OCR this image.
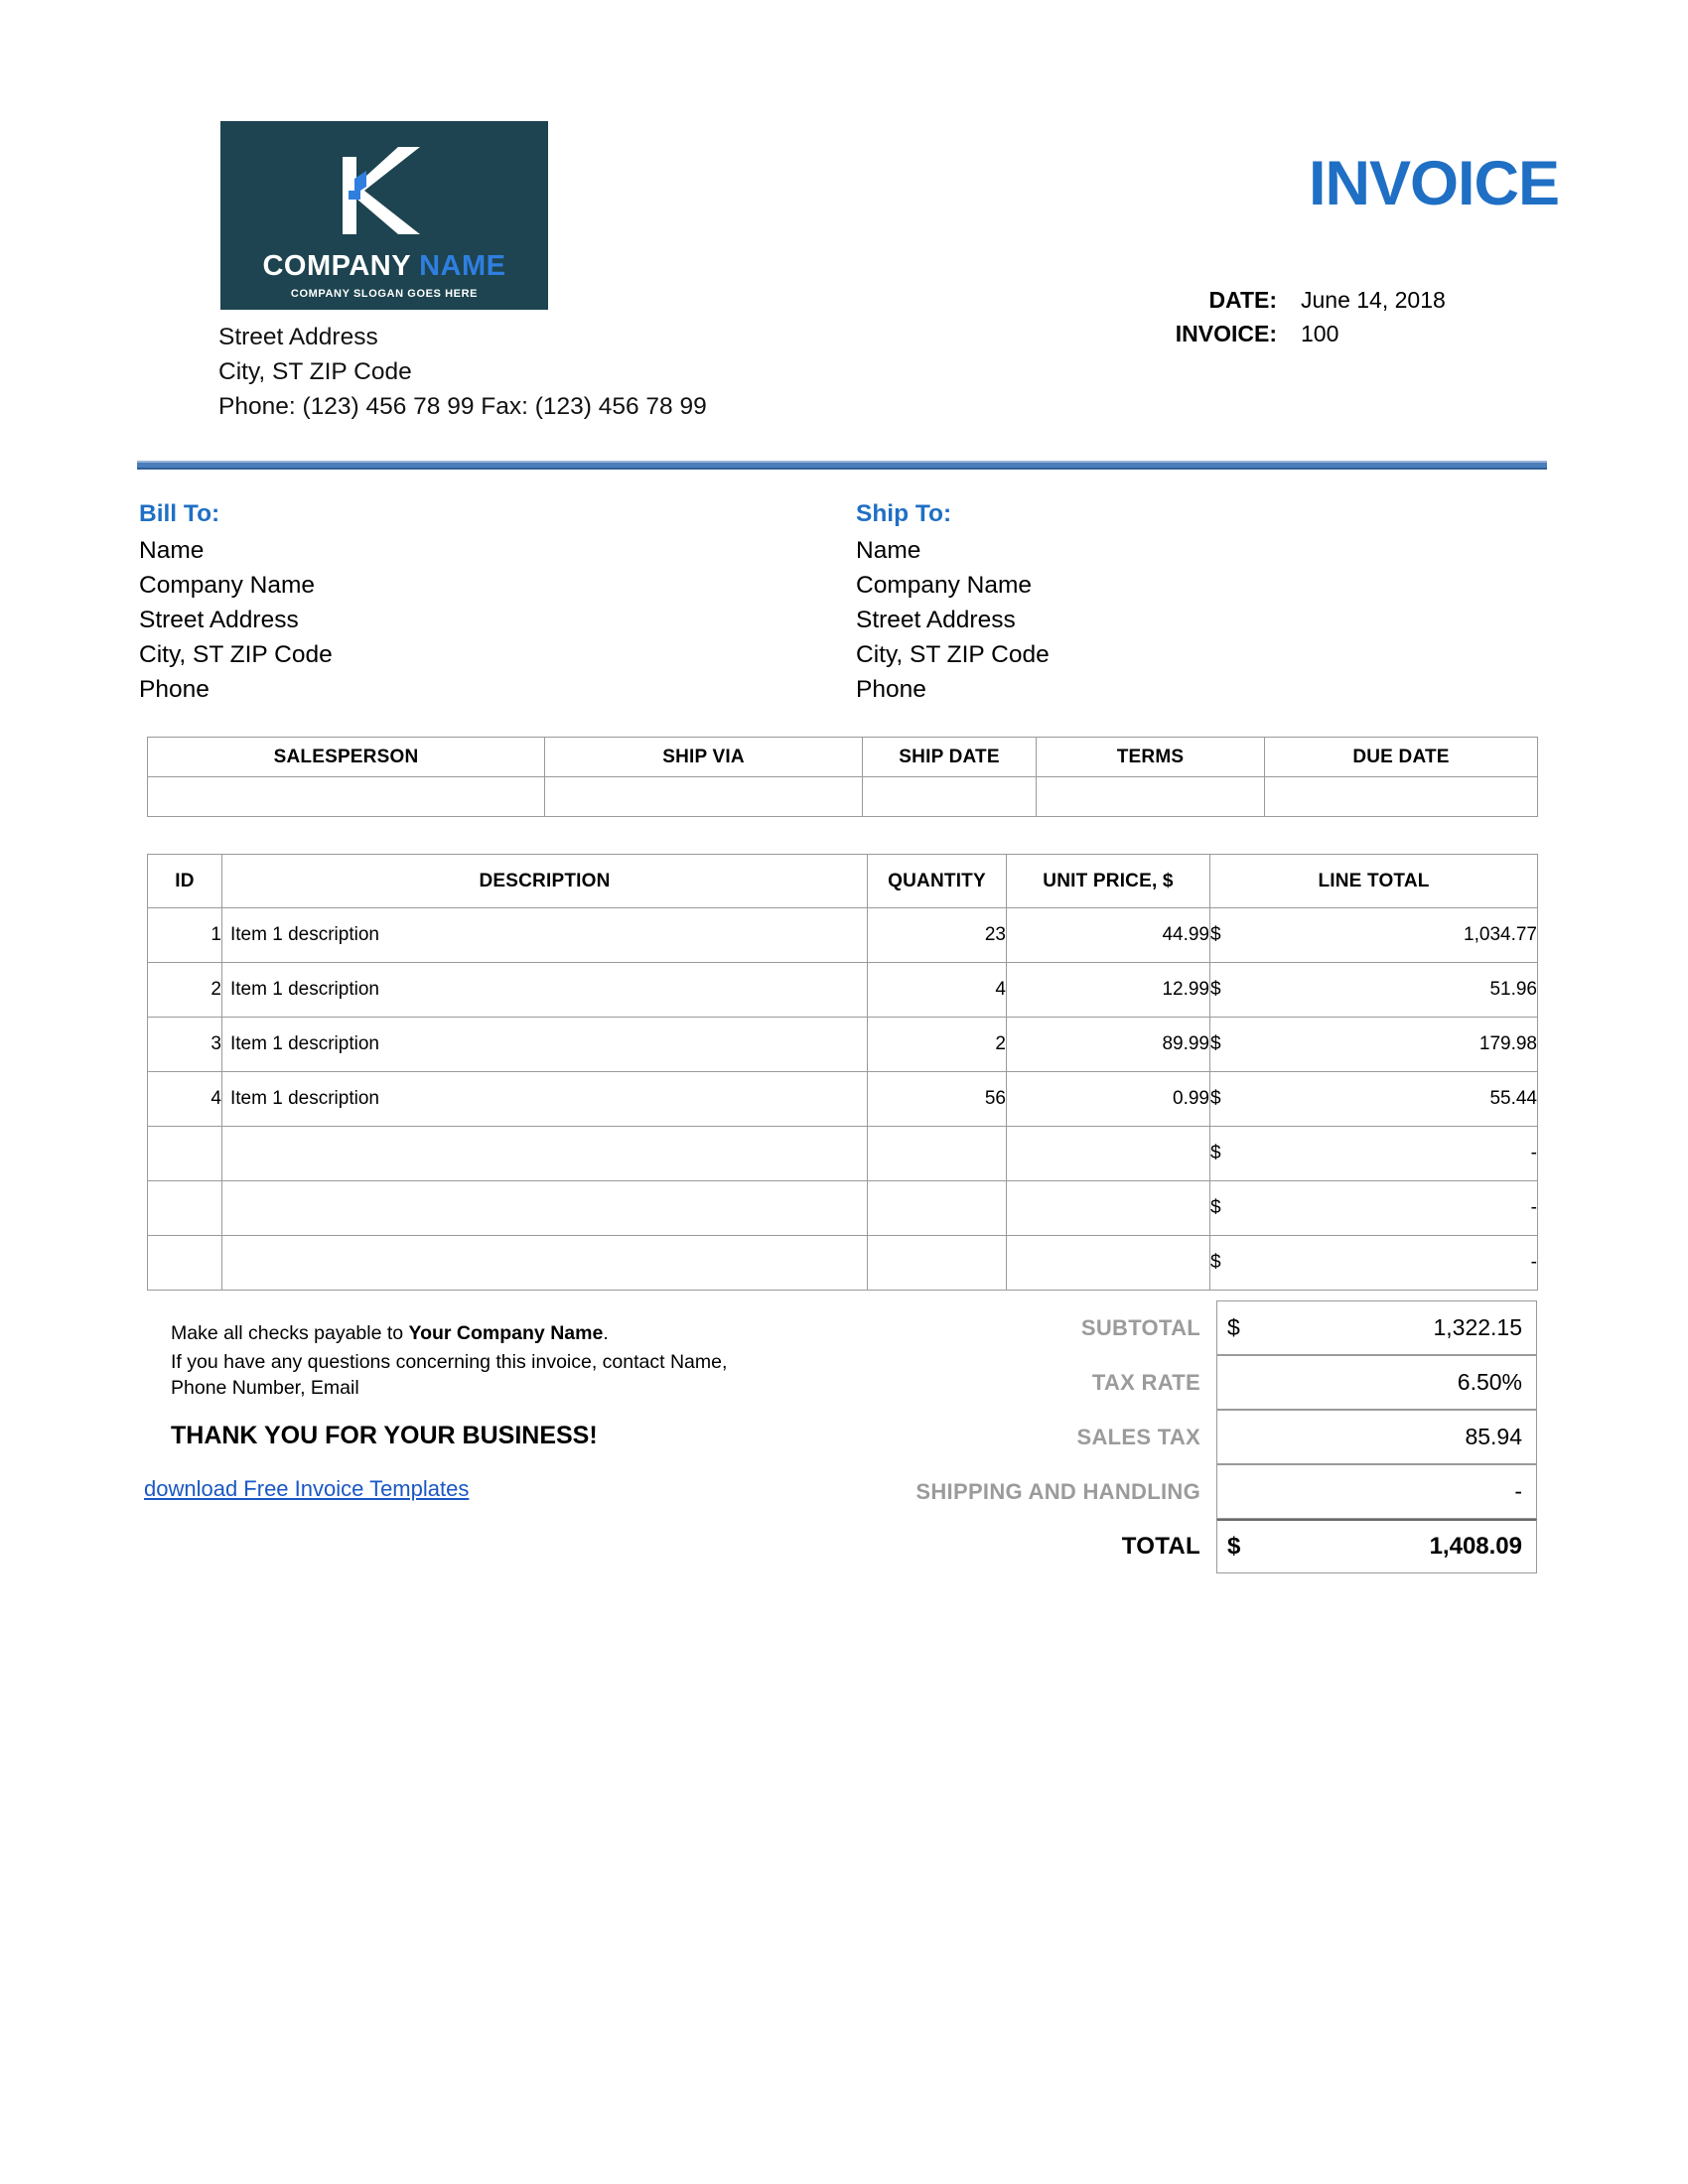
COMPANY NAME
COMPANY SLOGAN GOES HERE
Street Address
City, ST ZIP Code
Phone: (123) 456 78 99 Fax: (123) 456 78 99
INVOICE
DATE:	June 14, 2018
INVOICE:	100
Bill To:
Name
Company Name
Street Address
City, ST ZIP Code
Phone
Ship To:
Name
Company Name
Street Address
City, ST ZIP Code
Phone
SALESPERSON	SHIP VIA	SHIP DATE	TERMS	DUE DATE

ID	DESCRIPTION	QUANTITY	UNIT PRICE, $	LINE TOTAL	
1	Item 1 description	23	44.99	$	1,034.77
2	Item 1 description	4	12.99	$	51.96
3	Item 1 description	2	89.99	$	179.98
4	Item 1 description	56	0.99	$	55.44
				$	-
				$	-
				$	-
Make all checks payable to Your Company Name.
If you have any questions concerning this invoice, contact Name,
Phone Number, Email
THANK YOU FOR YOUR BUSINESS!
download Free Invoice Templates
SUBTOTAL	$	1,322.15
TAX RATE	6.50%
SALES TAX	85.94
SHIPPING AND HANDLING	-
TOTAL	$	1,408.09
